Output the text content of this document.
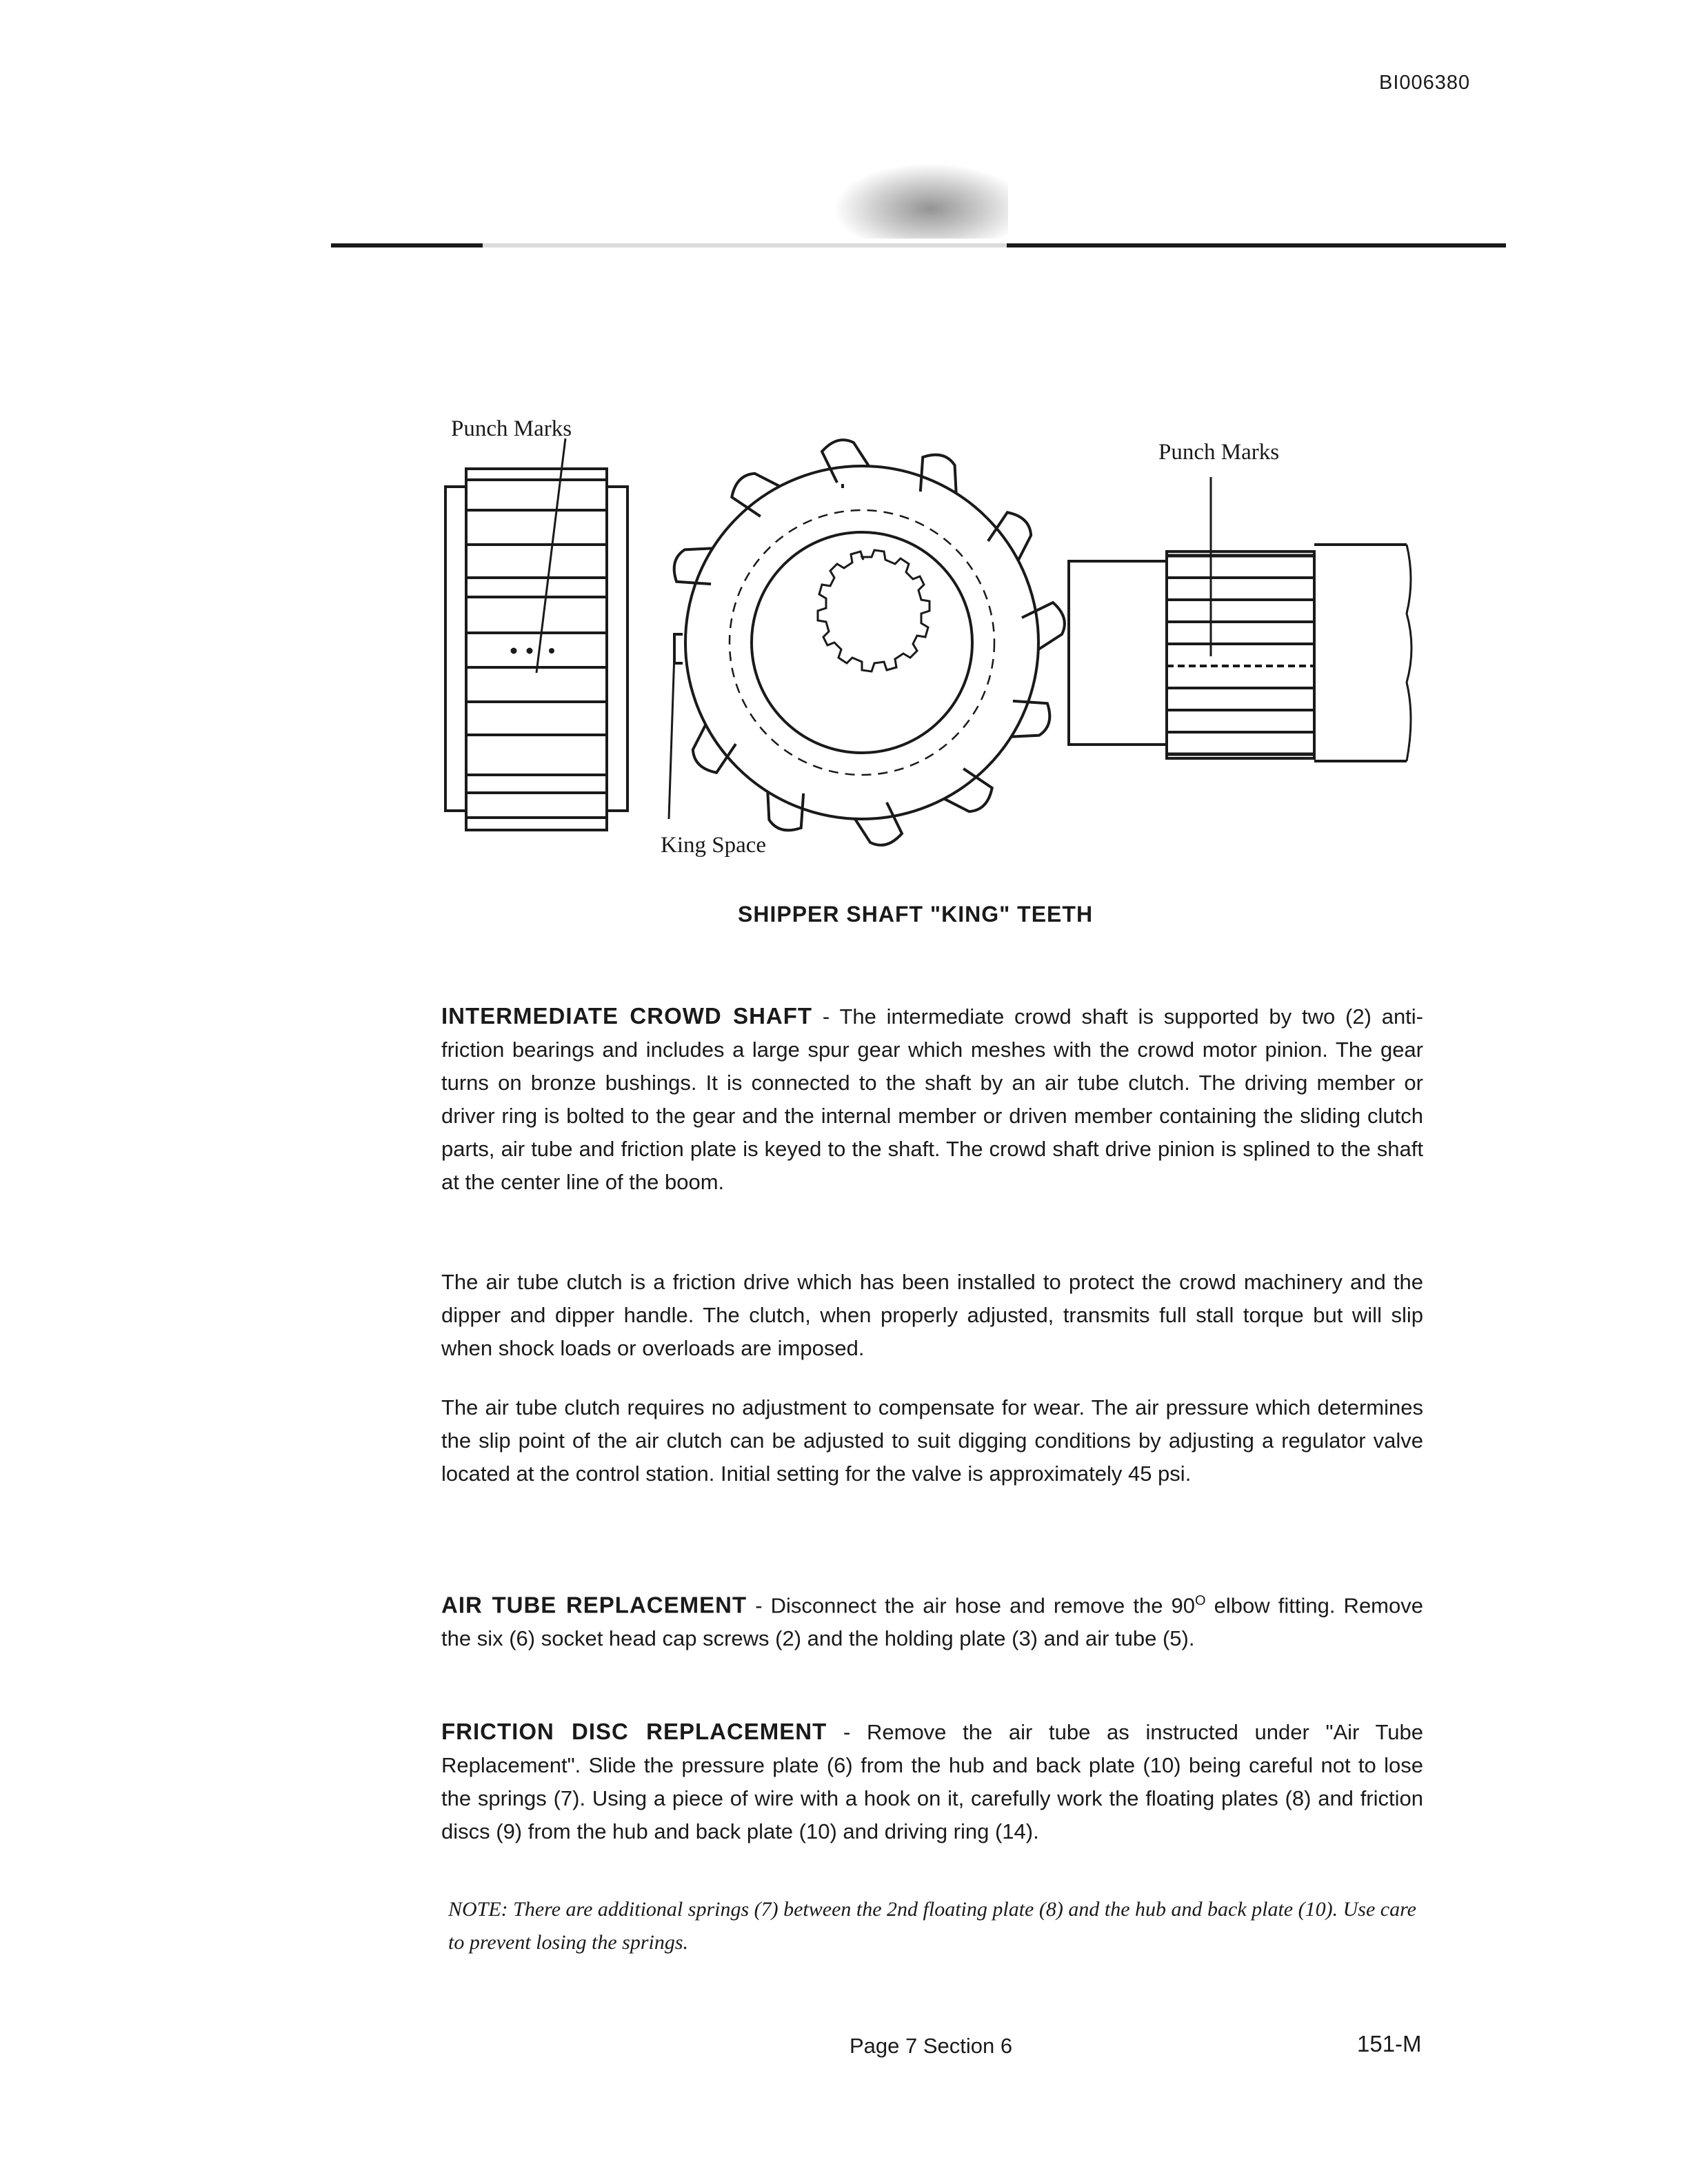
BI006380
Punch Marks
Punch Marks
King Space
SHIPPER SHAFT "KING" TEETH
INTERMEDIATE CROWD SHAFT - The intermediate crowd shaft is supported by two (2) anti-friction bearings and includes a large spur gear which meshes with the crowd motor pinion. The gear turns on bronze bushings. It is connected to the shaft by an air tube clutch. The driving member or driver ring is bolted to the gear and the internal member or driven member containing the sliding clutch parts, air tube and friction plate is keyed to the shaft. The crowd shaft drive pinion is splined to the shaft at the center line of the boom.
The air tube clutch is a friction drive which has been installed to protect the crowd machinery and the dipper and dipper handle. The clutch, when properly adjusted, transmits full stall torque but will slip when shock loads or overloads are imposed.
The air tube clutch requires no adjustment to compensate for wear. The air pressure which determines the slip point of the air clutch can be adjusted to suit digging conditions by adjusting a regulator valve located at the control station. Initial setting for the valve is approximately 45 psi.
AIR TUBE REPLACEMENT - Disconnect the air hose and remove the $90^O$ elbow fitting. Remove the six (6) socket head cap screws (2) and the holding plate (3) and air tube (5).
FRICTION DISC REPLACEMENT - Remove the air tube as instructed under "Air Tube Replacement". Slide the pressure plate (6) from the hub and back plate (10) being careful not to lose the springs (7). Using a piece of wire with a hook on it, carefully work the floating plates (8) and friction discs (9) from the hub and back plate (10) and driving ring (14).
NOTE: There are additional springs (7) between the 2nd floating plate (8) and the hub and back plate (10). Use care to prevent losing the springs.
Page 7 Section 6	151-M
